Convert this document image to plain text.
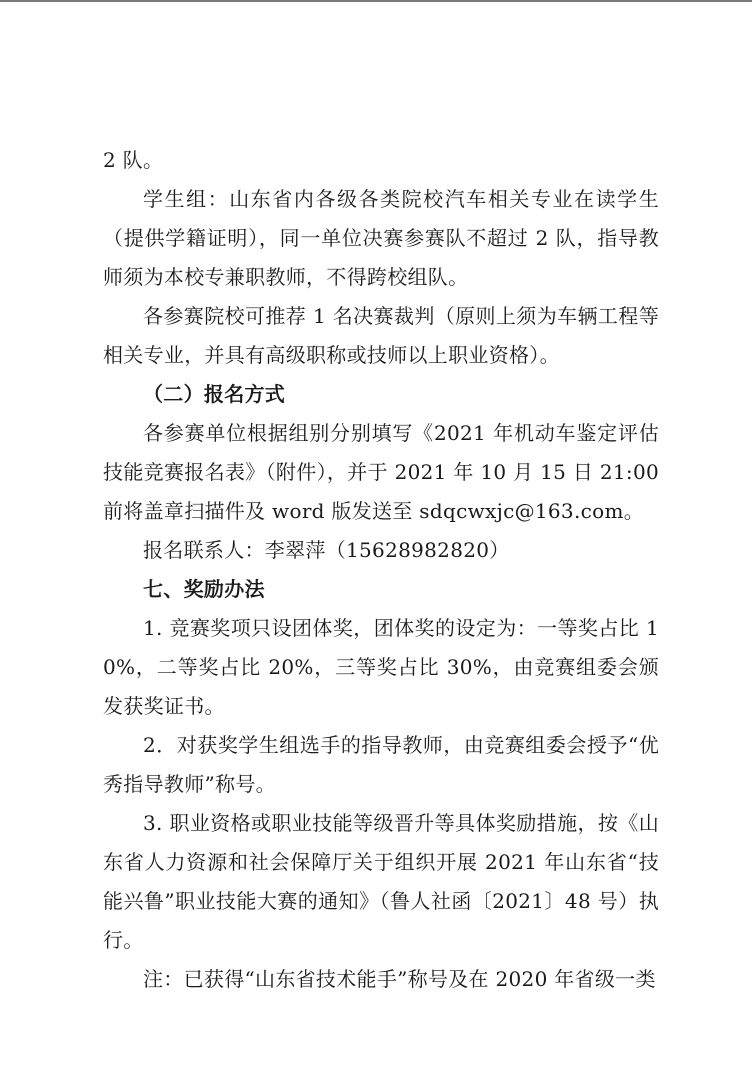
2 队。

学生组：山东省内各级各类院校汽车相关专业在读学生（提供学籍证明），同一单位决赛参赛队不超过 2 队，指导教师须为本校专兼职教师，不得跨校组队。

各参赛院校可推荐 1 名决赛裁判（原则上须为车辆工程等相关专业，并具有高级职称或技师以上职业资格）。

（二）报名方式

各参赛单位根据组别分别填写《2021 年机动车鉴定评估技能竞赛报名表》（附件），并于 2021 年 10 月 15 日 21:00 前将盖章扫描件及 word 版发送至 sdqcwxjc@163.com。

报名联系人：李翠萍（15628982820）

七、奖励办法

1. 竞赛奖项只设团体奖，团体奖的设定为：一等奖占比 10%，二等奖占比 20%，三等奖占比 30%，由竞赛组委会颁发获奖证书。

2．对获奖学生组选手的指导教师，由竞赛组委会授予“优秀指导教师”称号。

3. 职业资格或职业技能等级晋升等具体奖励措施，按《山东省人力资源和社会保障厅关于组织开展 2021 年山东省“技能兴鲁”职业技能大赛的通知》（鲁人社函〔2021〕48 号）执行。

注：已获得“山东省技术能手”称号及在 2020 年省级一类
